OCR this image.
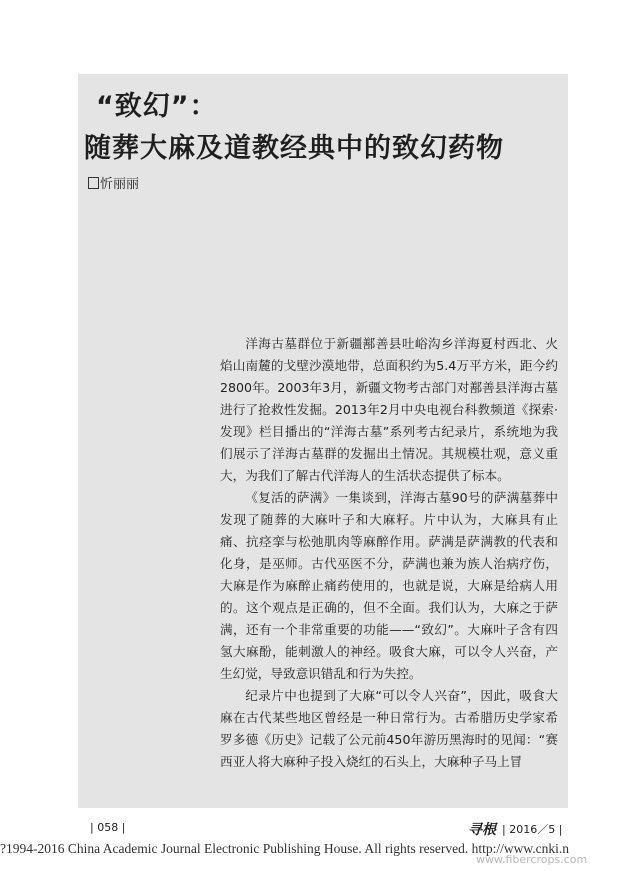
“致幻”：
随葬大麻及道教经典中的致幻药物
忻丽丽

洋海古墓群位于新疆鄯善县吐峪沟乡洋海夏村西北、火焰山南麓的戈壁沙漠地带，总面积约为5.4万平方米，距今约2800年。2003年3月，新疆文物考古部门对鄯善县洋海古墓进行了抢救性发掘。2013年2月中央电视台科教频道《探索·发现》栏目播出的“洋海古墓”系列考古纪录片，系统地为我们展示了洋海古墓群的发掘出土情况。其规模壮观，意义重大，为我们了解古代洋海人的生活状态提供了标本。

《复活的萨满》一集谈到，洋海古墓90号的萨满墓葬中发现了随葬的大麻叶子和大麻籽。片中认为，大麻具有止痛、抗痉挛与松弛肌肉等麻醉作用。萨满是萨满教的代表和化身，是巫师。古代巫医不分，萨满也兼为族人治病疗伤，大麻是作为麻醉止痛药使用的，也就是说，大麻是给病人用的。这个观点是正确的，但不全面。我们认为，大麻之于萨满，还有一个非常重要的功能——“致幻”。大麻叶子含有四氢大麻酚，能刺激人的神经。吸食大麻，可以令人兴奋，产生幻觉，导致意识错乱和行为失控。

纪录片中也提到了大麻“可以令人兴奋”，因此，吸食大麻在古代某些地区曾经是一种日常行为。古希腊历史学家希罗多德《历史》记载了公元前450年游历黑海时的见闻：“赛西亚人将大麻种子投入烧红的石头上，大麻种子马上冒

| 058 |	寻根 | 2016／5 |
?1994-2016 China Academic Journal Electronic Publishing House. All rights reserved. http://www.cnki.n
www.fibercrops.com
